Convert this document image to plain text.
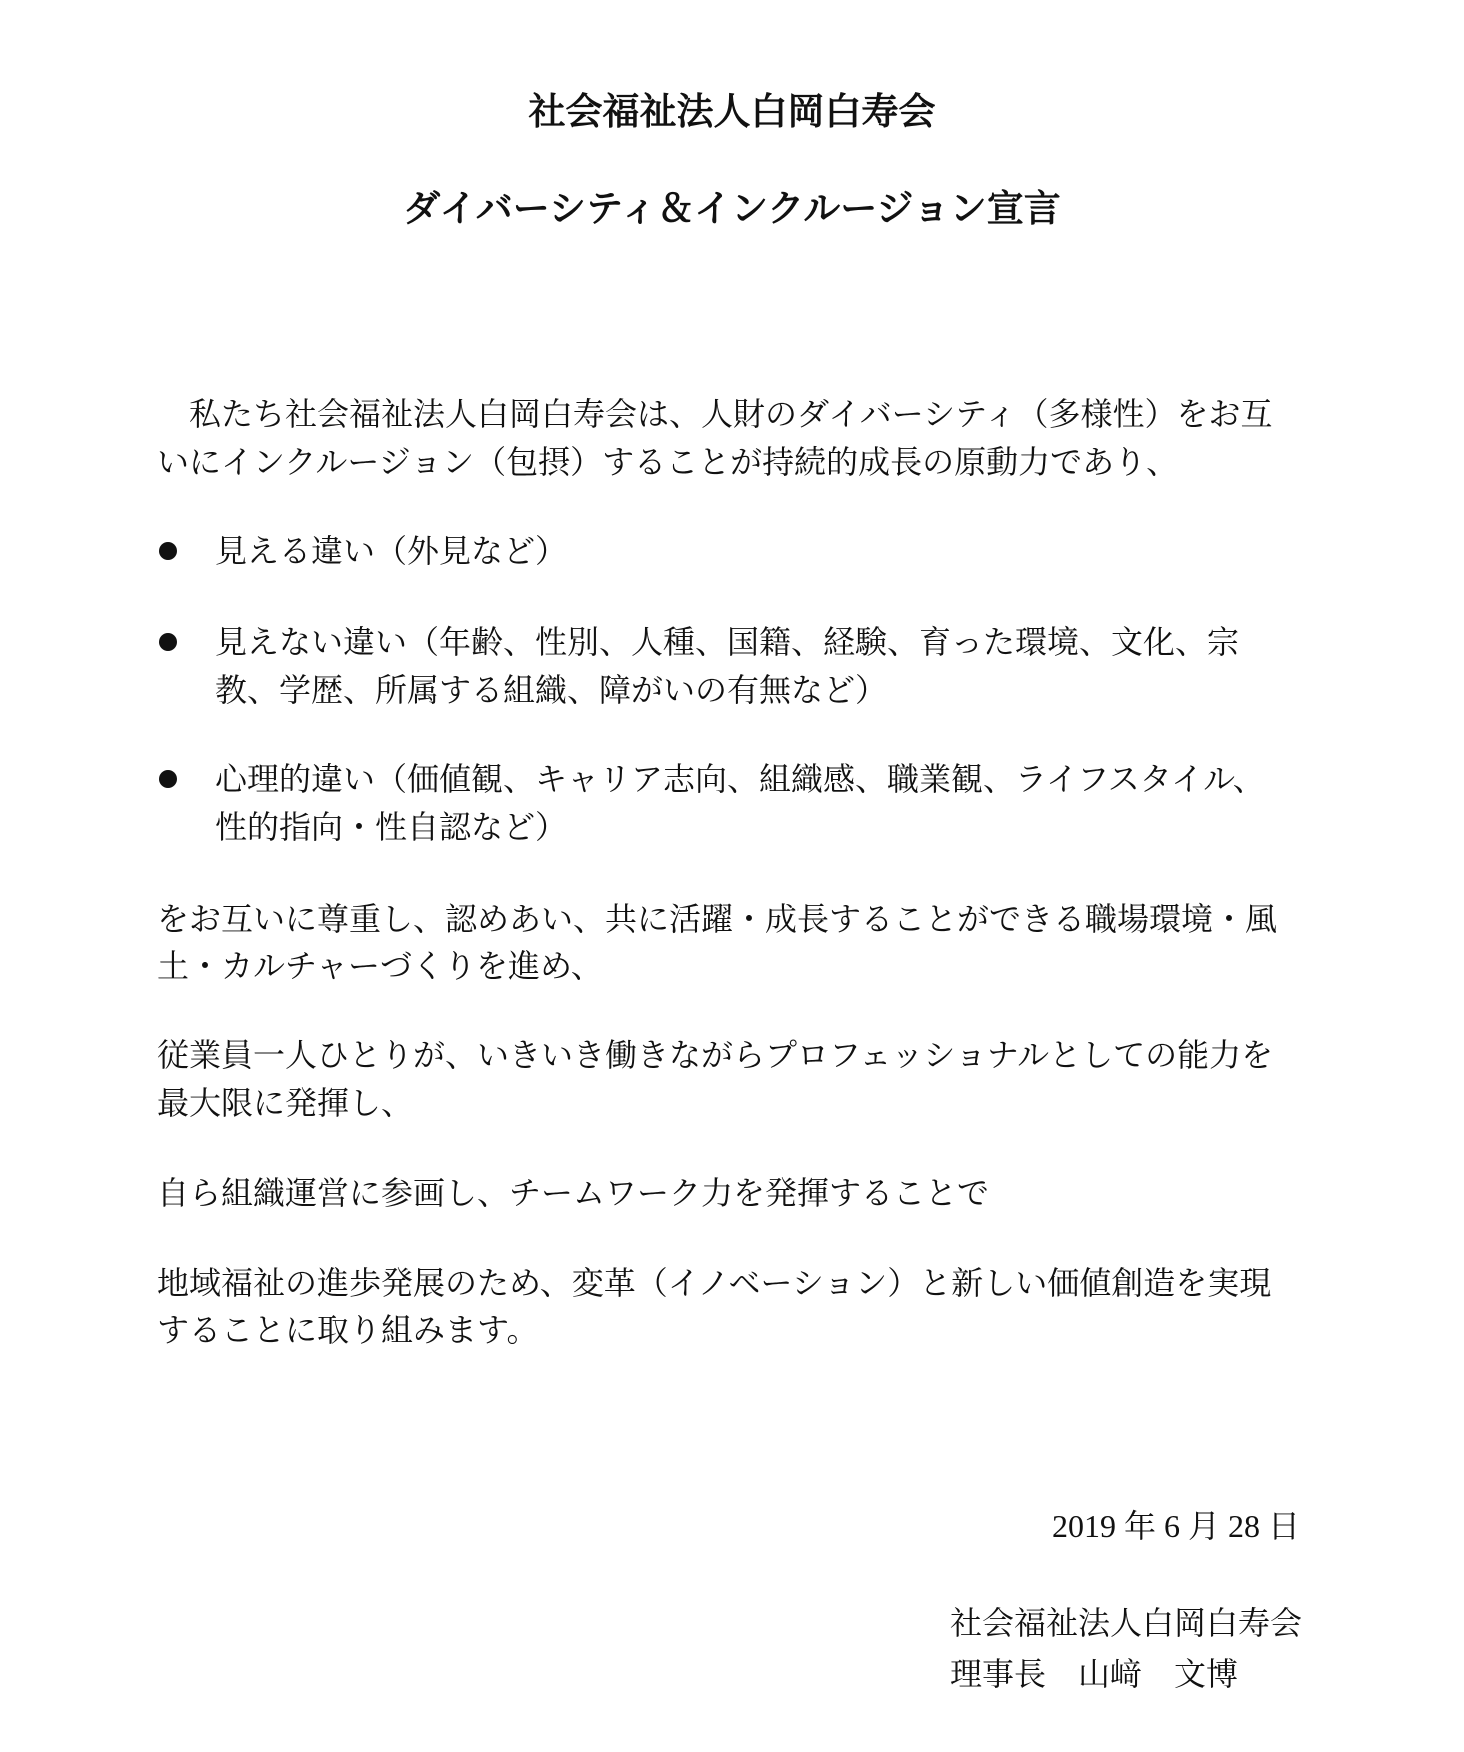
社会福祉法人白岡白寿会
ダイバーシティ＆インクルージョン宣言
　私たち社会福祉法人白岡白寿会は、人財のダイバーシティ（多様性）をお互
いにインクルージョン（包摂）することが持続的成長の原動力であり、
見える違い（外見など）
見えない違い（年齢、性別、人種、国籍、経験、育った環境、文化、宗
教、学歴、所属する組織、障がいの有無など）
心理的違い（価値観、キャリア志向、組織感、職業観、ライフスタイル、
性的指向・性自認など）
をお互いに尊重し、認めあい、共に活躍・成長することができる職場環境・風
土・カルチャーづくりを進め、
従業員一人ひとりが、いきいき働きながらプロフェッショナルとしての能力を
最大限に発揮し、
自ら組織運営に参画し、チームワーク力を発揮することで
地域福祉の進歩発展のため、変革（イノベーション）と新しい価値創造を実現
することに取り組みます。
2019 年 6 月 28 日
社会福祉法人白岡白寿会
理事長　山﨑　文博
